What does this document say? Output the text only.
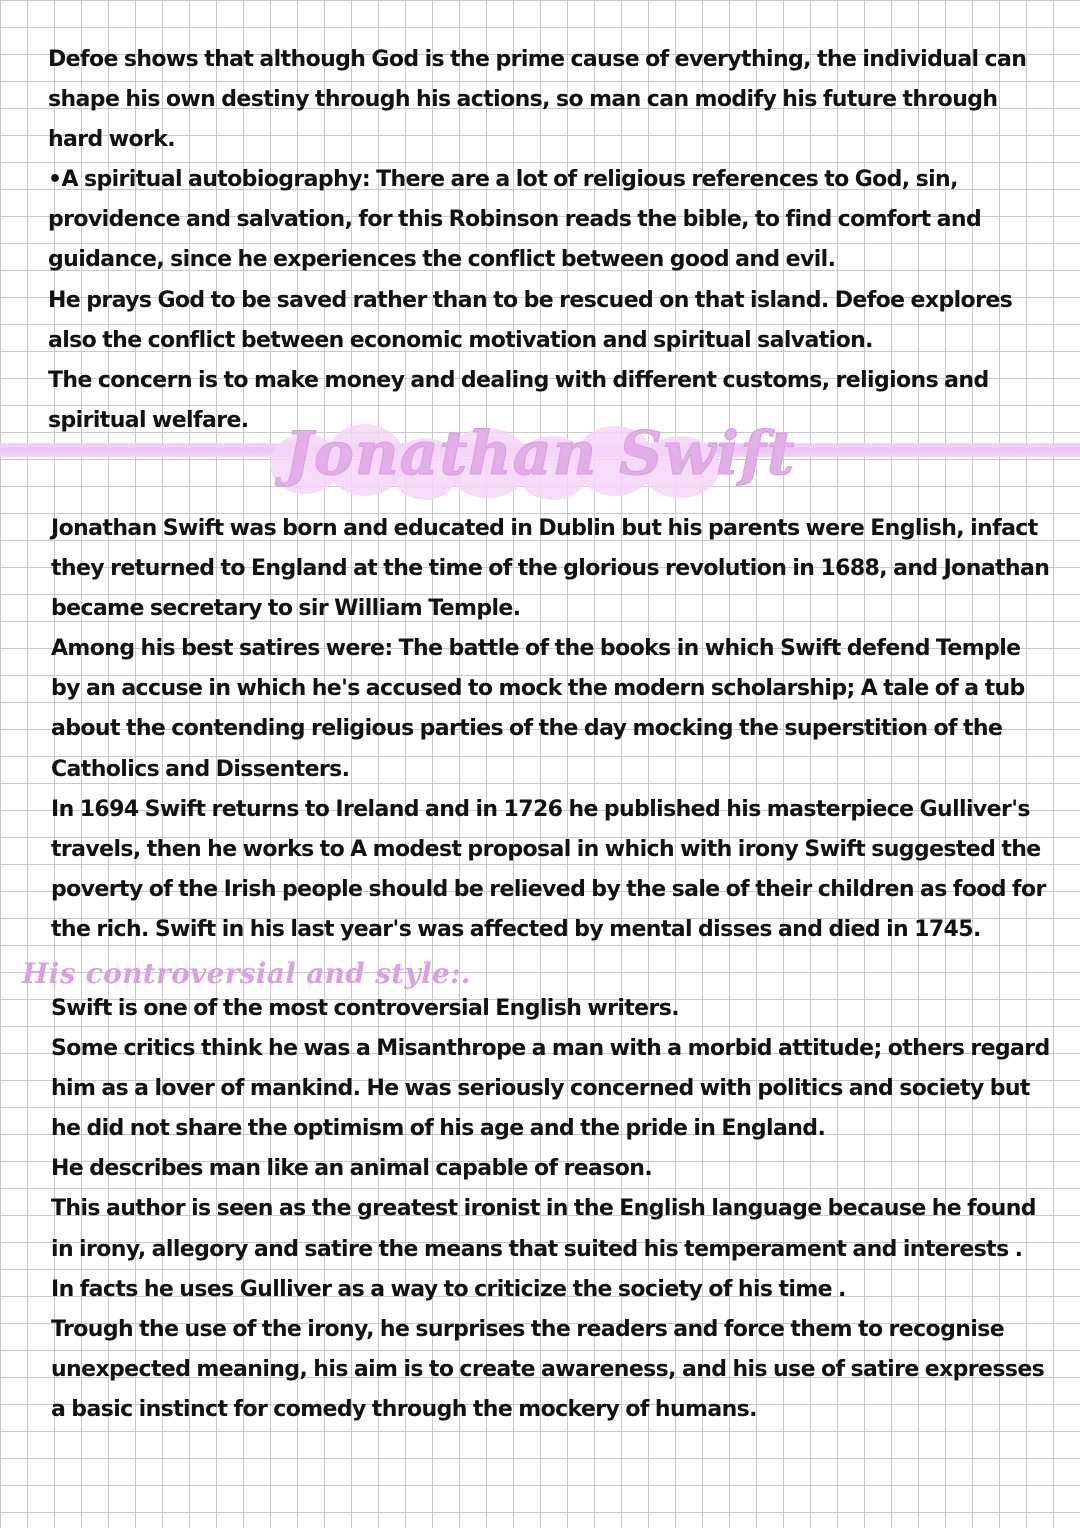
Defoe shows that although God is the prime cause of everything, the individual can shape his own destiny through his actions, so man can modify his future through hard work.

•A spiritual autobiography: There are a lot of religious references to God, sin, providence and salvation, for this Robinson reads the bible, to find comfort and guidance, since he experiences the conflict between good and evil.

He prays God to be saved rather than to be rescued on that island. Defoe explores also the conflict between economic motivation and spiritual salvation.

The concern is to make money and dealing with different customs, religions and spiritual welfare. Jonathan Swift

Jonathan Swift was born and educated in Dublin but his parents were English, infact they returned to England at the time of the glorious revolution in 1688, and Jonathan became secretary to sir William Temple.

Among his best satires were: The battle of the books in which Swift defend Temple by an accuse in which he's accused to mock the modern scholarship; A tale of a tub about the contending religious parties of the day mocking the superstition of the Catholics and Dissenters.

In 1694 Swift returns to Ireland and in 1726 he published his masterpiece Gulliver's travels, then he works to A modest proposal in which with irony Swift suggested the poverty of the Irish people should be relieved by the sale of their children as food for the rich. Swift in his last year's was affected by mental disses and died in 1745.

His controversial and style:.

Swift is one of the most controversial English writers.

Some critics think he was a Misanthrope a man with a morbid attitude; others regard him as a lover of mankind. He was seriously concerned with politics and society but he did not share the optimism of his age and the pride in England.

He describes man like an animal capable of reason.

This author is seen as the greatest ironist in the English language because he found in irony, allegory and satire the means that suited his temperament and interests .

In facts he uses Gulliver as a way to criticize the society of his time .

Trough the use of the irony, he surprises the readers and force them to recognise unexpected meaning, his aim is to create awareness, and his use of satire expresses a basic instinct for comedy through the mockery of humans.
